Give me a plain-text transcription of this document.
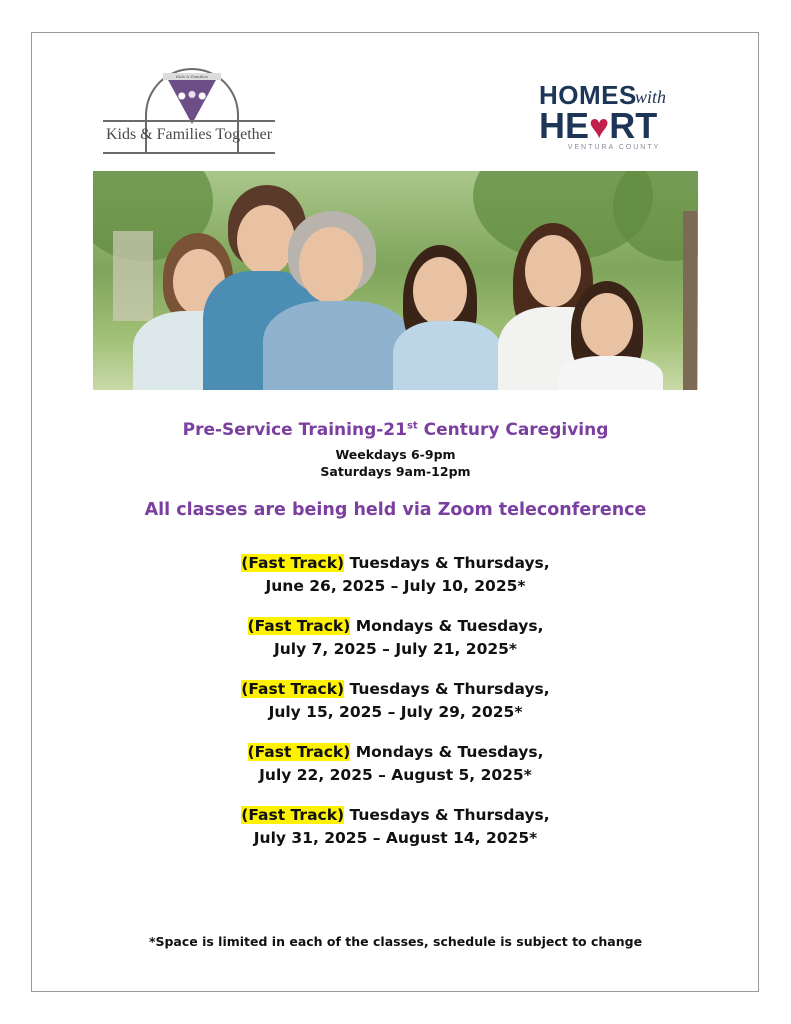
Kids & Families
Kids & Families Together
HOMES
with
HE♥RT
VENTURA COUNTY
Pre-Service Training-21st Century Caregiving
Weekdays 6-9pm
Saturdays 9am-12pm
All classes are being held via Zoom teleconference
(Fast Track) Tuesdays & Thursdays,
June 26, 2025 – July 10, 2025*
(Fast Track) Mondays & Tuesdays,
July 7, 2025 – July 21, 2025*
(Fast Track) Tuesdays & Thursdays,
July 15, 2025 – July 29, 2025*
(Fast Track) Mondays & Tuesdays,
July 22, 2025 – August 5, 2025*
(Fast Track) Tuesdays & Thursdays,
July 31, 2025 – August 14, 2025*
*Space is limited in each of the classes, schedule is subject to change
